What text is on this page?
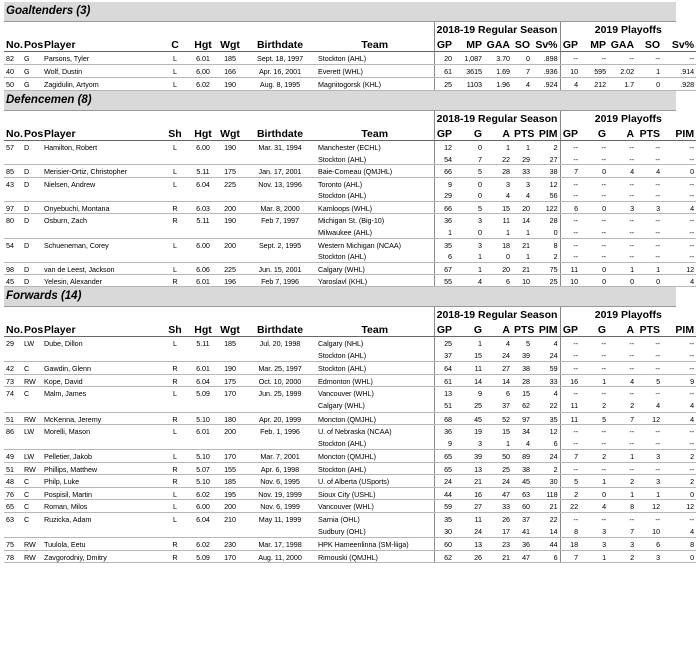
Goaltenders (3)
								2018-19 Regular Season					2019 Playoffs				
No.	Pos	Player	C	Hgt	Wgt	Birthdate	Team	GP	MP	GAA	SO	Sv%	GP	MP	GAA	SO	Sv%
82	G	Parsons, Tyler	L	6.01	185	Sept. 18, 1997	Stockton (AHL)	20	1,087	3.70	0	.898	--	--	--	--	--
40	G	Wolf, Dustin	L	6.00	166	Apr. 16, 2001	Everett (WHL)	61	3615	1.69	7	.936	10	595	2.02	1	.914
50	G	Zagidulin, Artyom	L	6.02	190	Aug. 8, 1995	Magnitogorsk (KHL)	25	1103	1.96	4	.924	4	212	1.7	0	.928
Defencemen (8)
								2018-19 Regular Season					2019 Playoffs				
No.	Pos	Player	Sh	Hgt	Wgt	Birthdate	Team	GP	G	A	PTS	PIM	GP	G	A	PTS	PIM
57	D	Hamilton, Robert	L	6.00	190	Mar. 31, 1994	Manchester (ECHL)	12	0	1	1	2	--	--	--	--	--
							Stockton (AHL)	54	7	22	29	27	--	--	--	--	--
85	D	Merisier-Ortiz, Christopher	L	5.11	175	Jan. 17, 2001	Baie-Comeau (QMJHL)	66	5	28	33	38	7	0	4	4	0
43	D	Nielsen, Andrew	L	6.04	225	Nov. 13, 1996	Toronto (AHL)	9	0	3	3	12	--	--	--	--	--
							Stockton (AHL)	29	0	4	4	56	--	--	--	--	--
97	D	Onyebuchi, Montana	R	6.03	200	Mar. 8, 2000	Kamloops (WHL)	66	5	15	20	122	6	0	3	3	4
80	D	Osburn, Zach	R	5.11	190	Feb 7, 1997	Michigan St. (Big-10)	36	3	11	14	28	--	--	--	--	--
							Milwaukee (AHL)	1	0	1	1	0	--	--	--	--	--
54	D	Schueneman, Corey	L	6.00	200	Sept. 2, 1995	Western Michigan (NCAA)	35	3	18	21	8	--	--	--	--	--
							Stockton (AHL)	6	1	0	1	2	--	--	--	--	--
98	D	van de Leest, Jackson	L	6.06	225	Jun. 15, 2001	Calgary (WHL)	67	1	20	21	75	11	0	1	1	12
45	D	Yelesin, Alexander	R	6.01	196	Feb 7, 1996	Yaroslavl (KHL)	55	4	6	10	25	10	0	0	0	4
Forwards (14)
								2018-19 Regular Season					2019 Playoffs				
No.	Pos	Player	Sh	Hgt	Wgt	Birthdate	Team	GP	G	A	PTS	PIM	GP	G	A	PTS	PIM
29	LW	Dube, Dillon	L	5.11	185	Jul. 20, 1998	Calgary (NHL)	25	1	4	5	4	--	--	--	--	--
							Stockton (AHL)	37	15	24	39	24	--	--	--	--	--
42	C	Gawdin, Glenn	R	6.01	190	Mar. 25, 1997	Stockton (AHL)	64	11	27	38	59	--	--	--	--	--
73	RW	Kope, David	R	6.04	175	Oct. 10, 2000	Edmonton (WHL)	61	14	14	28	33	16	1	4	5	9
74	C	Malm, James	L	5.09	170	Jun. 25, 1999	Vancouver (WHL)	13	9	6	15	4	--	--	--	--	--
							Calgary (WHL)	51	25	37	62	22	11	2	2	4	4
51	RW	McKenna, Jeremy	R	5.10	180	Apr. 20, 1999	Moncton (QMJHL)	68	45	52	97	35	11	5	7	12	4
86	LW	Morelli, Mason	L	6.01	200	Feb. 1, 1996	U. of Nebraska (NCAA)	36	19	15	34	12	--	--	--	--	--
							Stockton (AHL)	9	3	1	4	6	--	--	--	--	--
49	LW	Pelletier, Jakob	L	5.10	170	Mar. 7, 2001	Moncton (QMJHL)	65	39	50	89	24	7	2	1	3	2
51	RW	Phillips, Matthew	R	5.07	155	Apr. 6, 1998	Stockton (AHL)	65	13	25	38	2	--	--	--	--	--
48	C	Philp, Luke	R	5.10	185	Nov. 6, 1995	U. of Alberta (USports)	24	21	24	45	30	5	1	2	3	2
76	C	Pospisil, Martin	L	6.02	195	Nov. 19, 1999	Sioux City (USHL)	44	16	47	63	118	2	0	1	1	0
65	C	Roman, Milos	L	6.00	200	Nov. 6, 1999	Vancouver (WHL)	59	27	33	60	21	22	4	8	12	12
63	C	Ruzicka, Adam	L	6.04	210	May 11, 1999	Sarnia (OHL)	35	11	26	37	22	--	--	--	--	--
							Sudbury (OHL)	30	24	17	41	14	8	3	7	10	4
75	RW	Tuulola, Eetu	R	6.02	230	Mar. 17, 1998	HPK Hameenlinna (SM-liiga)	60	13	23	36	44	18	3	3	6	8
78	RW	Zavgorodniy, Dmitry	R	5.09	170	Aug. 11, 2000	Rimouski (QMJHL)	62	26	21	47	6	7	1	2	3	0
